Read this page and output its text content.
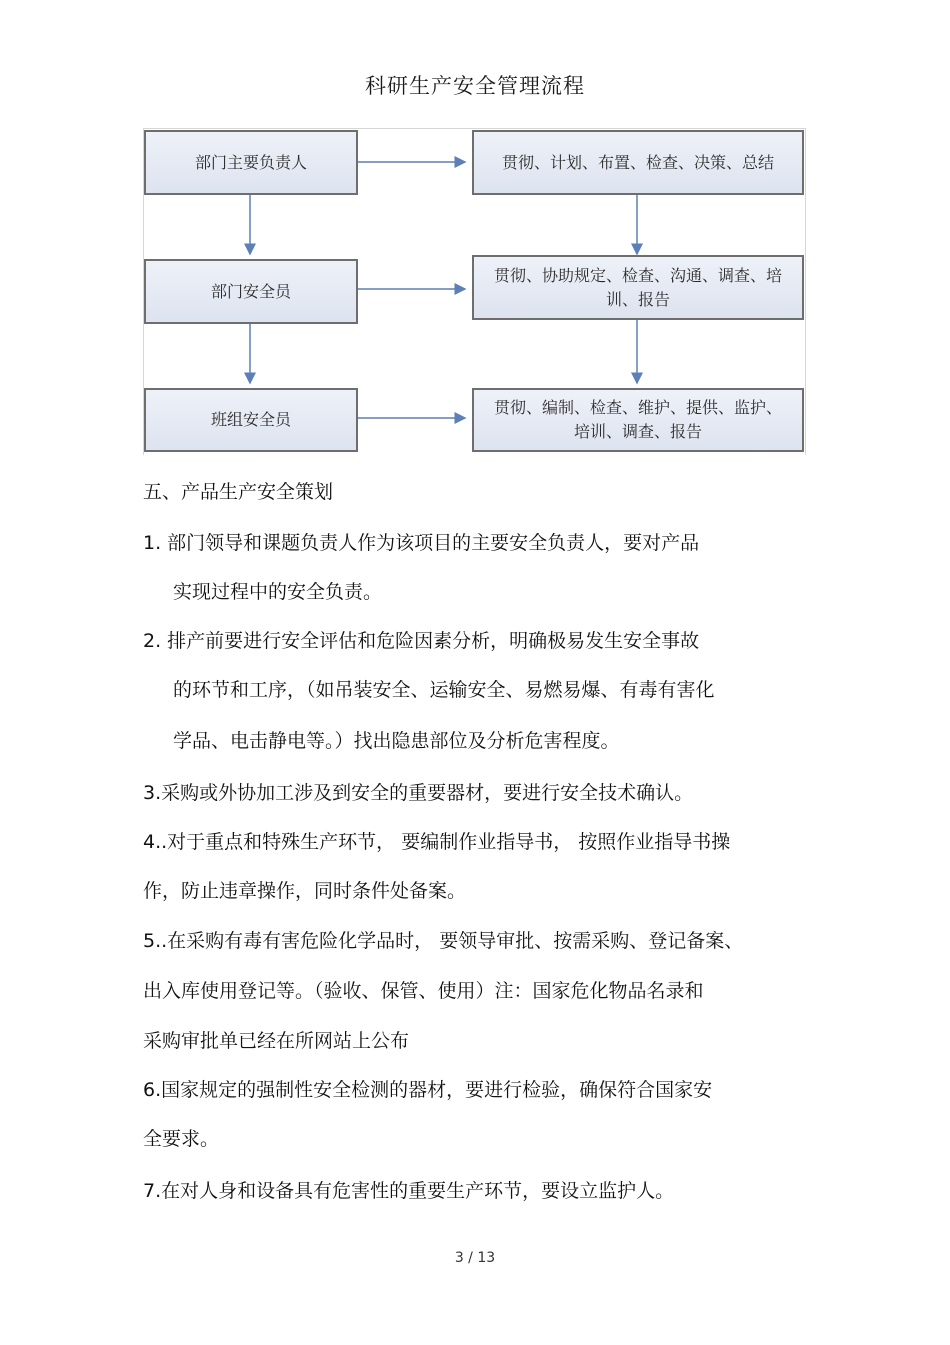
科研生产安全管理流程
部门主要负责人
部门安全员
班组安全员
贯彻、计划、布置、检查、决策、总结
贯彻、协助规定、检查、沟通、调查、培训、报告
贯彻、编制、检查、维护、提供、监护、培训、调查、报告
五、产品生产安全策划
1. 部门领导和课题负责人作为该项目的主要安全负责人，要对产品
实现过程中的安全负责。
2. 排产前要进行安全评估和危险因素分析，明确极易发生安全事故
的环节和工序，（如吊装安全、运输安全、易燃易爆、有毒有害化
学品、电击静电等。）找出隐患部位及分析危害程度。
3.采购或外协加工涉及到安全的重要器材，要进行安全技术确认。
4..对于重点和特殊生产环节， 要编制作业指导书， 按照作业指导书操
作，防止违章操作，同时条件处备案。
5..在采购有毒有害危险化学品时， 要领导审批、按需采购、登记备案、
出入库使用登记等。（验收、保管、使用）注：国家危化物品名录和
采购审批单已经在所网站上公布
6.国家规定的强制性安全检测的器材，要进行检验，确保符合国家安
全要求。
7.在对人身和设备具有危害性的重要生产环节，要设立监护人。
3 / 13
